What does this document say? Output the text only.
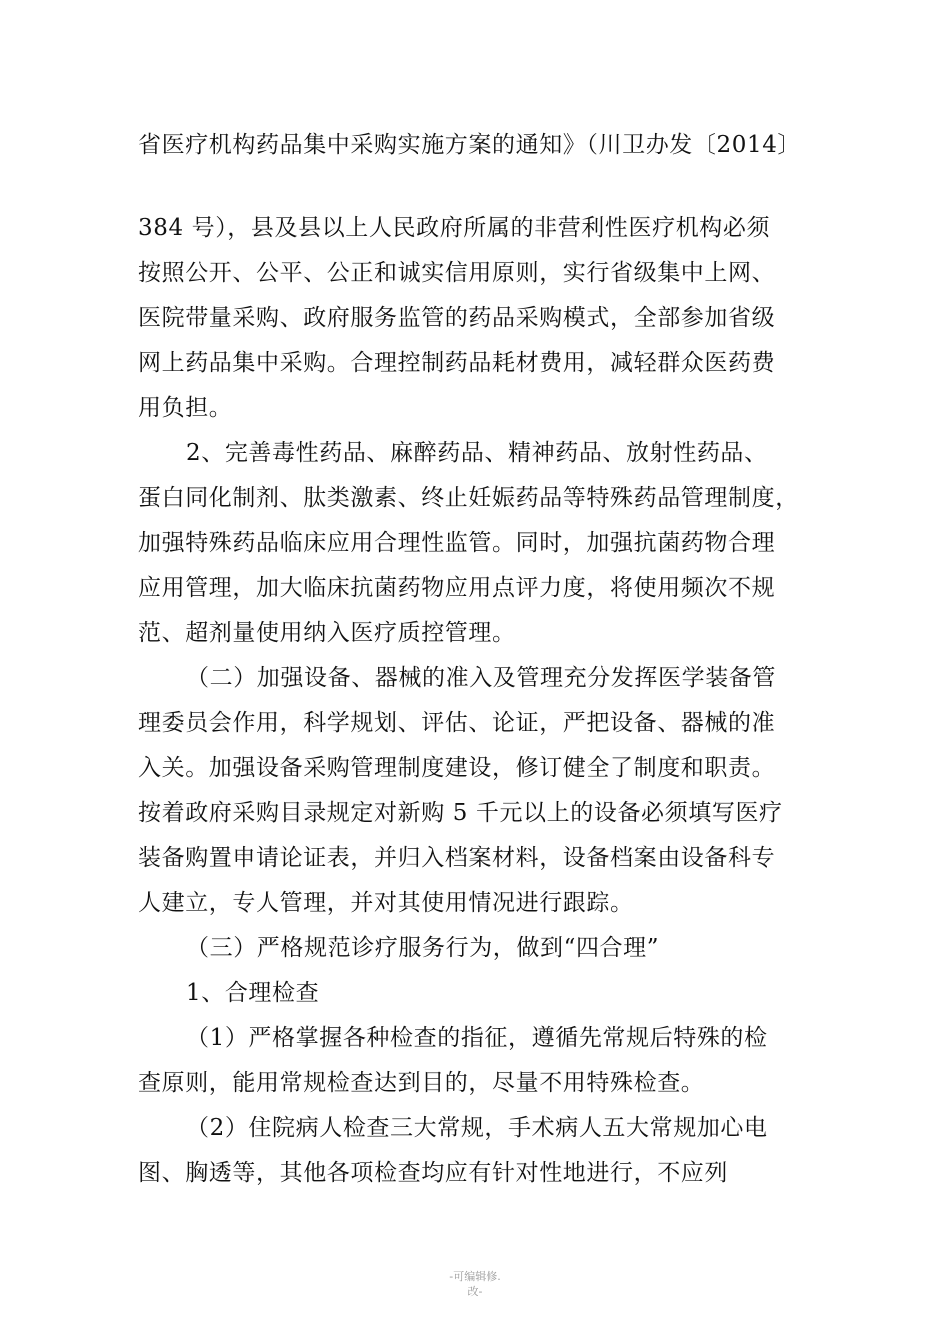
省医疗机构药品集中采购实施方案的通知》（川卫办发〔2014〕
384 号），县及县以上人民政府所属的非营利性医疗机构必须
按照公开、公平、公正和诚实信用原则，实行省级集中上网、
医院带量采购、政府服务监管的药品采购模式，全部参加省级
网上药品集中采购。合理控制药品耗材费用，减轻群众医药费
用负担。
2、完善毒性药品、麻醉药品、精神药品、放射性药品、
蛋白同化制剂、肽类激素、终止妊娠药品等特殊药品管理制度，
加强特殊药品临床应用合理性监管。同时，加强抗菌药物合理
应用管理，加大临床抗菌药物应用点评力度，将使用频次不规
范、超剂量使用纳入医疗质控管理。
（二）加强设备、器械的准入及管理充分发挥医学装备管
理委员会作用，科学规划、评估、论证，严把设备、器械的准
入关。加强设备采购管理制度建设，修订健全了制度和职责。
按着政府采购目录规定对新购 5 千元以上的设备必须填写医疗
装备购置申请论证表，并归入档案材料，设备档案由设备科专
人建立，专人管理，并对其使用情况进行跟踪。
（三）严格规范诊疗服务行为，做到“四合理”
1、合理检查
（1）严格掌握各种检查的指征，遵循先常规后特殊的检
查原则，能用常规检查达到目的，尽量不用特殊检查。
（2）住院病人检查三大常规，手术病人五大常规加心电
图、胸透等，其他各项检查均应有针对性地进行，不应列
-可编辑修.
改-
